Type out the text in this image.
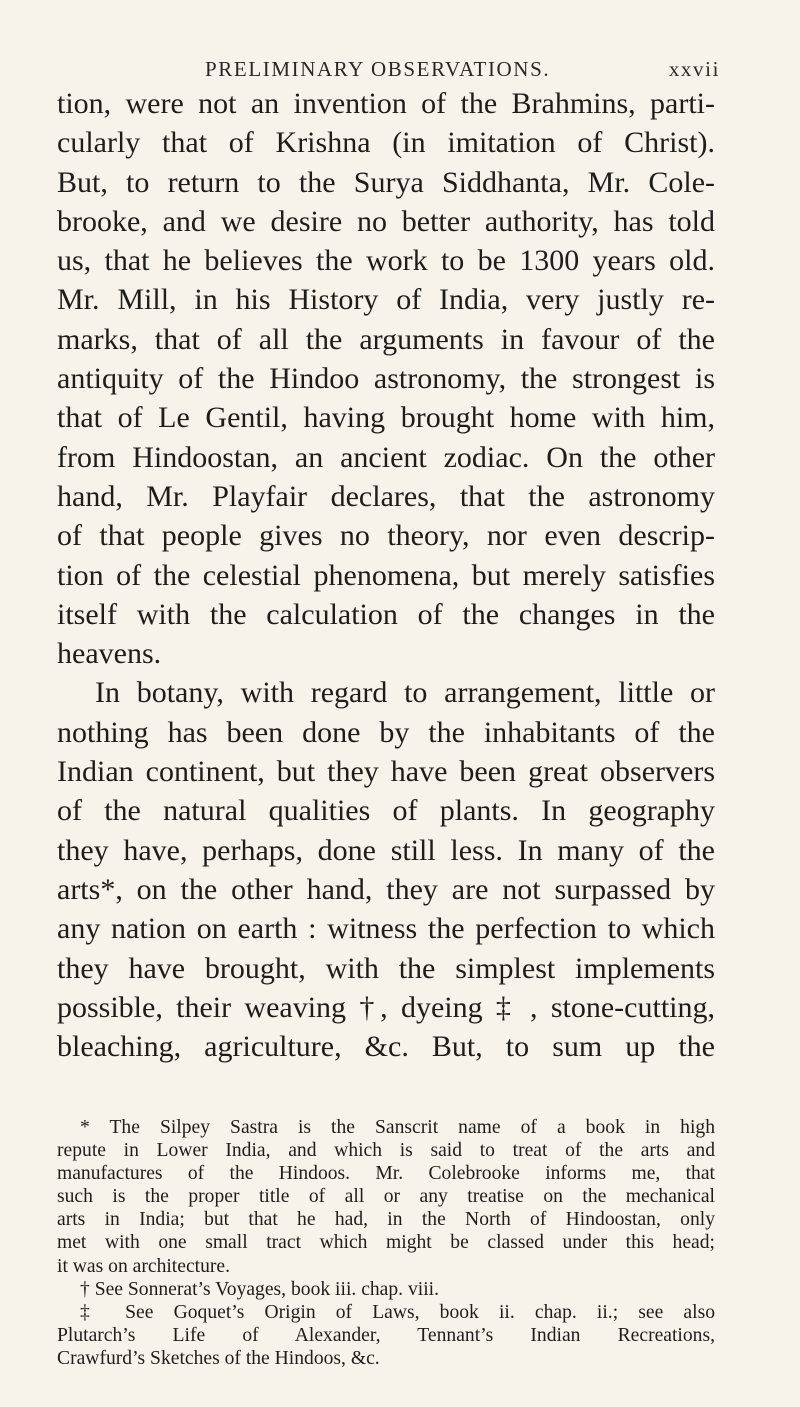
PRELIMINARY OBSERVATIONS.	xxvii
tion, were not an invention of the Brahmins, parti-
cularly that of Krishna (in imitation of Christ).
But, to return to the Surya Siddhanta, Mr. Cole-
brooke, and we desire no better authority, has told
us, that he believes the work to be 1300 years old.
Mr. Mill, in his History of India, very justly re-
marks, that of all the arguments in favour of the
antiquity of the Hindoo astronomy, the strongest is
that of Le Gentil, having brought home with him,
from Hindoostan, an ancient zodiac. On the other
hand, Mr. Playfair declares, that the astronomy
of that people gives no theory, nor even descrip-
tion of the celestial phenomena, but merely satisfies
itself with the calculation of the changes in the
heavens.
In botany, with regard to arrangement, little or
nothing has been done by the inhabitants of the
Indian continent, but they have been great observers
of the natural qualities of plants. In geography
they have, perhaps, done still less. In many of the
arts*, on the other hand, they are not surpassed by
any nation on earth : witness the perfection to which
they have brought, with the simplest implements
possible, their weaving †, dyeing ‡ , stone-cutting,
bleaching, agriculture, &c. But, to sum up the
* The Silpey Sastra is the Sanscrit name of a book in high
repute in Lower India, and which is said to treat of the arts and
manufactures of the Hindoos. Mr. Colebrooke informs me, that
such is the proper title of all or any treatise on the mechanical
arts in India; but that he had, in the North of Hindoostan, only
met with one small tract which might be classed under this head;
it was on architecture.
† See Sonnerat’s Voyages, book iii. chap. viii.
‡ See Goquet’s Origin of Laws, book ii. chap. ii.; see also
Plutarch’s Life of Alexander, Tennant’s Indian Recreations,
Crawfurd’s Sketches of the Hindoos, &c.
